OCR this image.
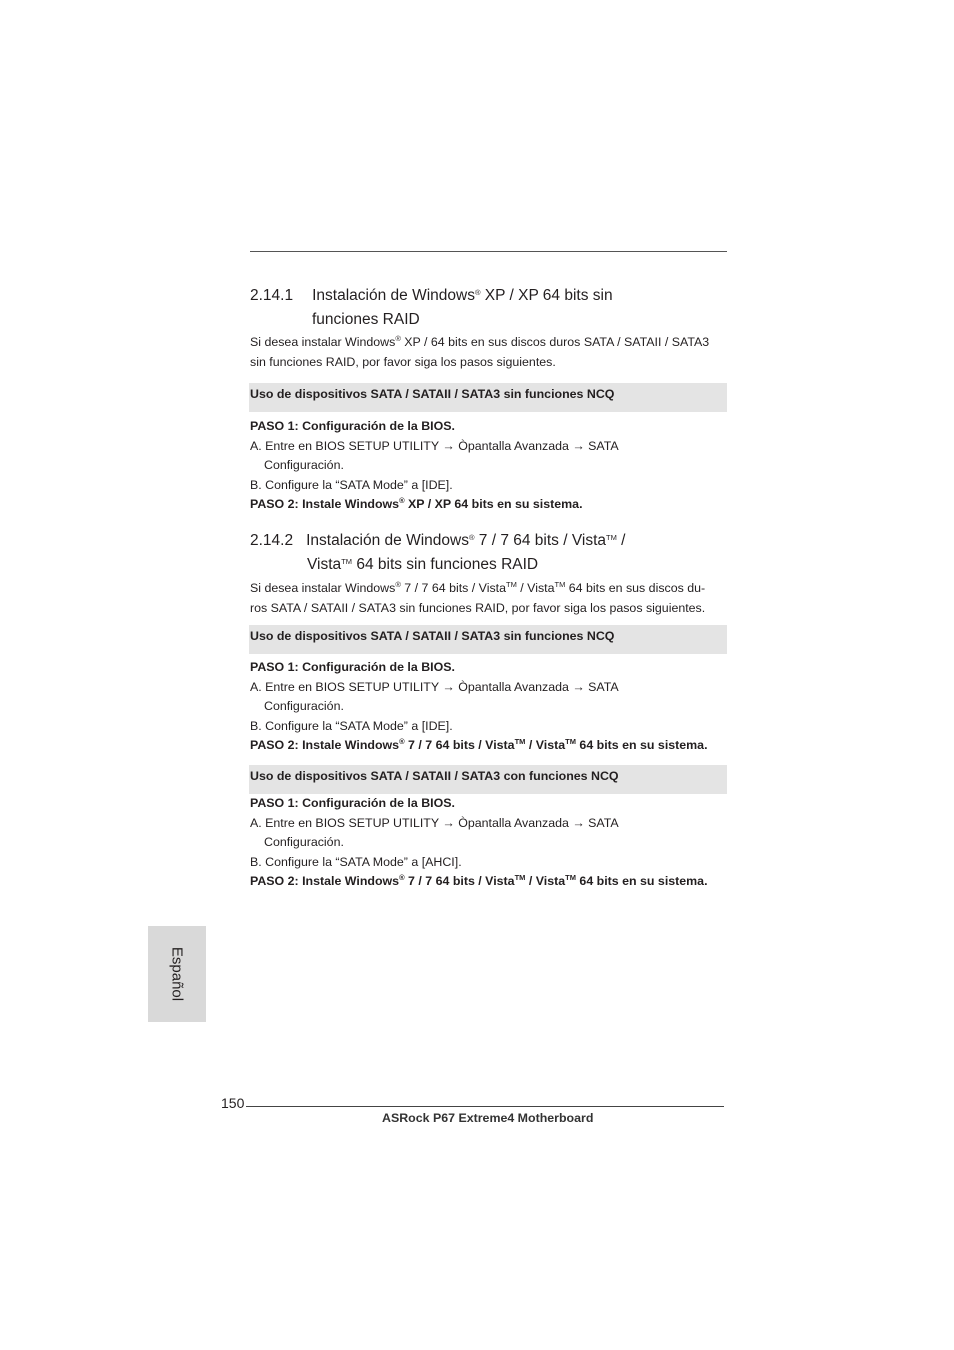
2.14.1 Instalación de Windows® XP / XP 64 bits sin
funciones RAID
Si desea instalar Windows® XP / 64 bits en sus discos duros SATA / SATAII / SATA3
sin funciones RAID, por favor siga los pasos siguientes.
Uso de dispositivos SATA / SATAII / SATA3 sin funciones NCQ
PASO 1: Configuración de la BIOS.
A. Entre en BIOS SETUP UTILITY → Òpantalla Avanzada → SATA
Configuración.
B. Configure la “SATA Mode” a [IDE].
PASO 2: Instale Windows® XP / XP 64 bits en su sistema.
2.14.2 Instalación de Windows® 7 / 7 64 bits / Vista™ /
Vista™ 64 bits sin funciones RAID
Si desea instalar Windows® 7 / 7 64 bits / Vista™ / Vista™ 64 bits en sus discos du-
ros SATA / SATAII / SATA3 sin funciones RAID, por favor siga los pasos siguientes.
Uso de dispositivos SATA / SATAII / SATA3 sin funciones NCQ
PASO 1: Configuración de la BIOS.
A. Entre en BIOS SETUP UTILITY → Òpantalla Avanzada → SATA
Configuración.
B. Configure la “SATA Mode” a [IDE].
PASO 2: Instale Windows® 7 / 7 64 bits / Vista™ / Vista™ 64 bits en su sistema.
Uso de dispositivos SATA / SATAII / SATA3 con funciones NCQ
PASO 1: Configuración de la BIOS.
A. Entre en BIOS SETUP UTILITY → Òpantalla Avanzada → SATA
Configuración.
B. Configure la “SATA Mode” a [AHCI].
PASO 2: Instale Windows® 7 / 7 64 bits / Vista™ / Vista™ 64 bits en su sistema.
Español
150
ASRock P67 Extreme4 Motherboard
